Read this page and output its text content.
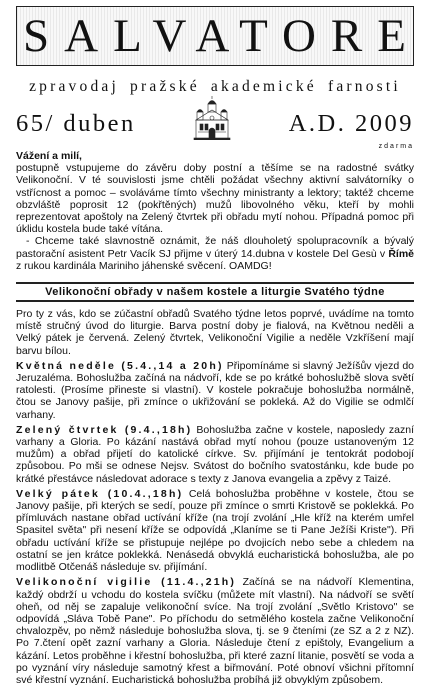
SALVATORE
zpravodaj pražské akademické farnosti
65/ duben	A.D. 2009
zdarma

Vážení a milí,

postupně vstupujeme do závěru doby postní a těšíme se na radostné svátky Velikonoční. V té souvislosti jsme chtěli požádat všechny aktivní salvátorníky o vstřícnost a pomoc – svoláváme tímto všechny ministranty a lektory; taktéž chceme obzvláště poprosit 12 (pokřtěných) mužů libovolného věku, kteří by mohli reprezentovat apoštoly na Zelený čtvrtek při obřadu mytí nohou. Případná pomoc při úklidu kostela bude také vítána.

- Chceme také slavnostně oznámit, že náš dlouholetý spolupracovník a bývalý pastorační asistent Petr Vacík SJ přijme v úterý 14.dubna v kostele Del Gesù v Římě z rukou kardinála Mariniho jáhenské svěcení. OAMDG!

Velikonoční obřady v našem kostele a liturgie Svatého týdne

Pro ty z vás, kdo se zúčastní obřadů Svatého týdne letos poprvé, uvádíme na tomto místě stručný úvod do liturgie. Barva postní doby je fialová, na Květnou neděli a Velký pátek je červená. Zelený čtvrtek, Velikonoční Vigilie a neděle Vzkříšení mají barvu bílou.

Květná neděle (5.4.,14 a 20h) Připomínáme si slavný Ježíšův vjezd do Jeruzaléma. Bohoslužba začíná na nádvoří, kde se po krátké bohoslužbě slova světí ratolesti. (Prosíme přineste si vlastní). V kostele pokračuje bohoslužba normálně, čtou se Janovy pašije, při zmínce o ukřižování se pokleká. Až do Vigilie se odmlčí varhany.

Zelený čtvrtek (9.4.,18h) Bohoslužba začne v kostele, naposledy zazní varhany a Gloria. Po kázání nastává obřad mytí nohou (pouze ustanoveným 12 mužům) a obřad přijetí do katolické církve. Sv. přijímání je tentokrát podobojí způsobou. Po mši se odnese Nejsv. Svátost do bočního svatostánku, kde bude po krátké přestávce následovat adorace s texty z Janova evangelia a zpěvy z Taizé.

Velký pátek (10.4.,18h) Celá bohoslužba proběhne v kostele, čtou se Janovy pašije, při kterých se sedí, pouze při zmínce o smrti Kristově se poklekká. Po přímluvách nastane obřad uctívání kříže (na trojí zvolání „Hle kříž na kterém umřel Spasitel světa" při nesení kříže se odpovídá „Klaníme se ti Pane Ježíši Kriste"). Při obřadu uctívání kříže se přistupuje nejlépe po dvojicích nebo sebe a chledem na ostatní se jen krátce poklekká. Nenásedá obvyklá eucharistická bohoslužba, ale po modlitbě Otčenáš následuje sv. přijímání.

Velikonoční vigilie (11.4.,21h) Začíná se na nádvoří Klementina, každý obdrží u vchodu do kostela svíčku (můžete mít vlastní). Na nádvoří se světí oheň, od něj se zapaluje velikonoční svíce. Na trojí zvolání „Světlo Kristovo" se odpovídá „Sláva Tobě Pane". Po příchodu do setmělého kostela začne Velikonoční chvalozpěv, po němž následuje bohoslužba slova, tj. se 9 čteními (ze SZ a 2 z NZ). Po 7.čtení opět zazní varhany a Gloria. Následuje čtení z epištoly, Evangelium a kázání. Letos proběhne i křestní bohoslužba, při které zazní litanie, posvětí se voda a po vyznání víry následuje samotný křest a biřmování. Poté obnoví všichni přítomní své křestní vyznání. Eucharistická bohoslužba probíhá již obvyklým způsobem.
